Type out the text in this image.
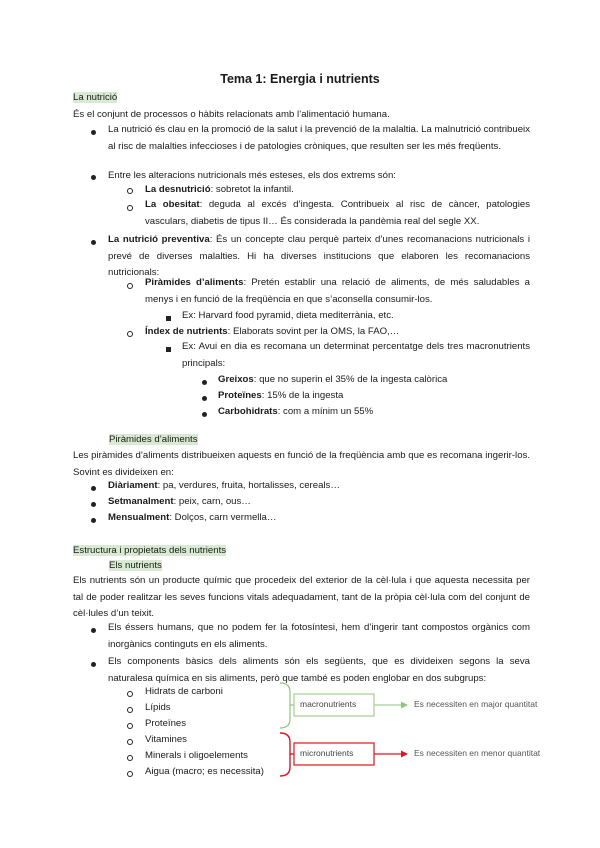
Tema 1: Energia i nutrients
La nutrició
És el conjunt de processos o hàbits relacionats amb l’alimentació humana.
La nutrició és clau en la promoció de la salut i la prevenció de la malaltia. La malnutrició contribueix al risc de malalties infeccioses i de patologies cròniques, que resulten ser les més freqüents.
Entre les alteracions nutricionals més esteses, els dos extrems són:
La desnutrició: sobretot la infantil.
La obesitat: deguda al excés d’ingesta. Contribueix al risc de càncer, patologies vasculars, diabetis de tipus II… És considerada la pandèmia real del segle XX.
La nutrició preventiva: És un concepte clau perquè parteix d’unes recomanacions nutricionals i prevé de diverses malalties. Hi ha diverses institucions que elaboren les recomanacions nutricionals:
Piràmides d’aliments: Pretén establir una relació de aliments, de més saludables a menys i en funció de la freqüència en que s’aconsella consumir-los.
Ex: Harvard food pyramid, dieta mediterrània, etc.
Índex de nutrients: Elaborats sovint per la OMS, la FAO,…
Ex: Avui en dia es recomana un determinat percentatge dels tres macronutrients principals:
Greixos: que no superin el 35% de la ingesta calòrica
Proteïnes: 15% de la ingesta
Carbohidrats: com a mínim un 55%
Piràmides d’aliments
Les piràmides d’aliments distribueixen aquests en funció de la freqüència amb que es recomana ingerir-los. Sovint es divideixen en:
Diàriament: pa, verdures, fruita, hortalisses, cereals…
Setmanalment: peix, carn, ous…
Mensualment: Dolços, carn vermella…
Estructura i propietats dels nutrients
Els nutrients
Els nutrients són un producte químic que procedeix del exterior de la cèl·lula i que aquesta necessita per tal de poder realitzar les seves funcions vitals adequadament, tant de la pròpia cèl·lula com del conjunt de cèl·lules d’un teixit.
Els éssers humans, que no podem fer la fotosíntesi, hem d’ingerir tant compostos orgànics com inorgànics continguts en els aliments.
Els components bàsics dels aliments són els següents, que es divideixen segons la seva naturalesa química en sis aliments, però que també es poden englobar en dos subgrups:
Hidrats de carboni
Lípids
Proteïnes
Vitamines
Minerals i oligoelements
Aigua (macro; es necessita)
macronutrients	Es necessiten en major quantitat
micronutrients	Es necessiten en menor quantitat
